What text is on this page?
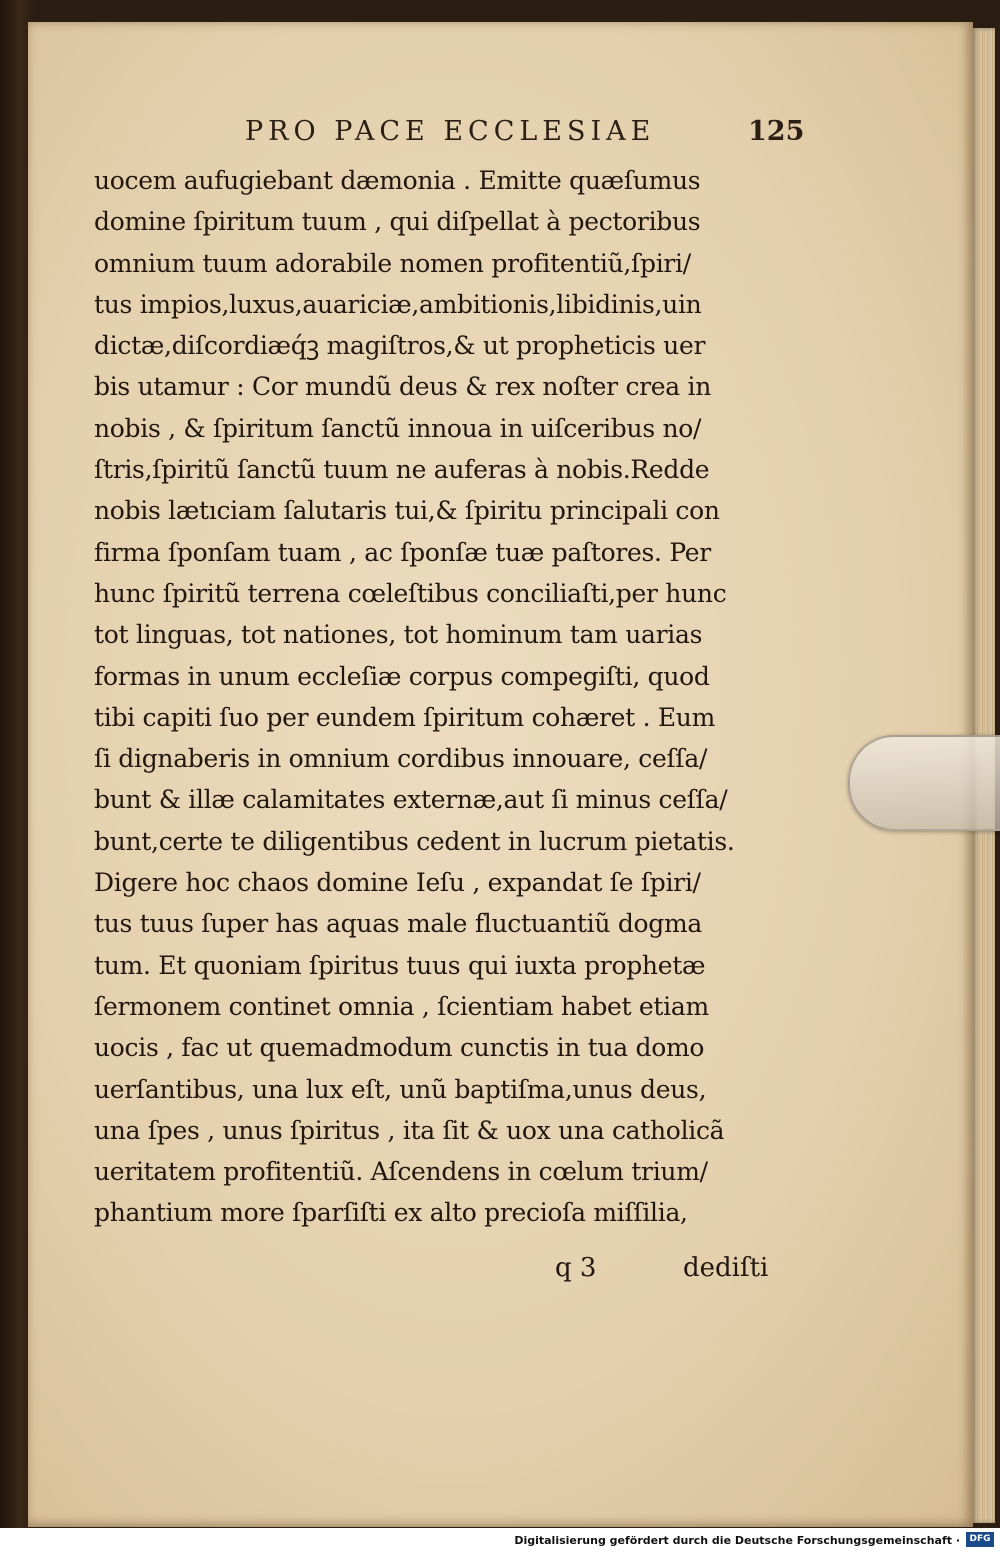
PRO PACE ECCLESIAE	125
uocem aufugiebant dæmonia . Emitte quæſumus
domine ſpiritum tuum , qui diſpellat à pectoribus
omnium tuum adorabile nomen profitentiũ,ſpiri/
tus impios,luxus,auariciæ,ambitionis,libidinis,uin
dictæ,diſcordiæq́ꝫ magiſtros,& ut propheticis uer
bis utamur : Cor mundũ deus & rex noſter crea in
nobis , & ſpiritum ſanctũ innoua in uiſceribus no/
ſtris,ſpiritũ ſanctũ tuum ne auferas à nobis.Redde
nobis lætıciam ſalutaris tui,& ſpiritu principali con
firma ſponſam tuam , ac ſponſæ tuæ paſtores. Per
hunc ſpiritũ terrena cœleſtibus conciliaſti,per hunc
tot linguas, tot nationes, tot hominum tam uarias
formas in unum eccleſiæ corpus compegiſti, quod
tibi capiti ſuo per eundem ſpiritum cohæret . Eum
ſi dignaberis in omnium cordibus innouare, ceſſa/
bunt & illæ calamitates externæ,aut ſi minus ceſſa/
bunt,certe te diligentibus cedent in lucrum pietatis.
Digere hoc chaos domine Ieſu , expandat ſe ſpiri/
tus tuus ſuper has aquas male fluctuantiũ dogma
tum. Et quoniam ſpiritus tuus qui iuxta prophetæ
ſermonem continet omnia , ſcientiam habet etiam
uocis , fac ut quemadmodum cunctis in tua domo
uerſantibus, una lux eſt, unũ baptiſma,unus deus,
una ſpes , unus ſpiritus , ita ſit & uox una catholicã
ueritatem profitentiũ. Aſcendens in cœlum trium/
phantium more ſparſiſti ex alto precioſa miſſilia,
q 3	dediſti
Digitalisierung gefördert durch die Deutsche Forschungsgemeinschaft ·	DFG
